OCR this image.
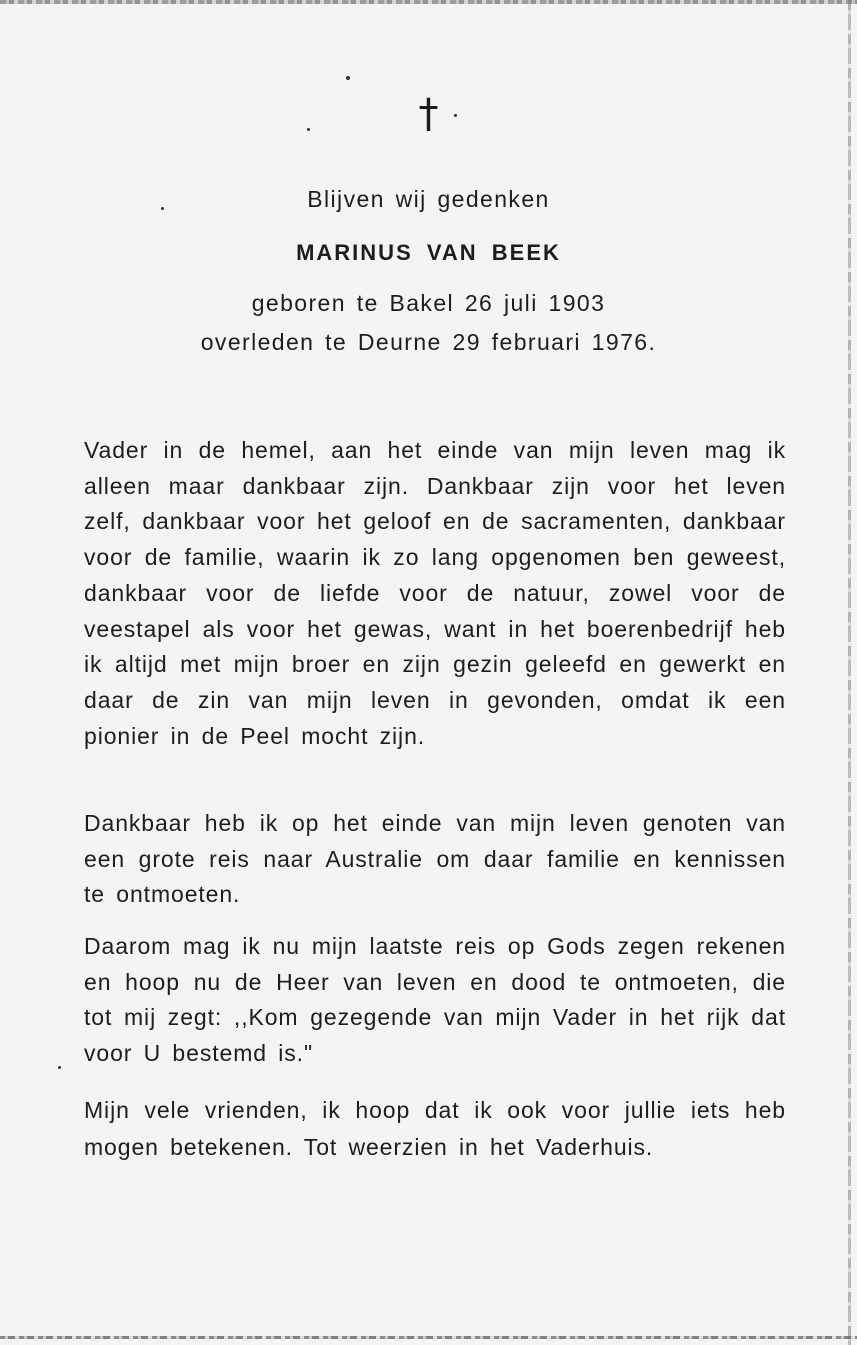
†
Blijven wij gedenken
MARINUS VAN BEEK
geboren te Bakel 26 juli 1903
overleden te Deurne 29 februari 1976.

Vader in de hemel, aan het einde van mijn leven mag ik alleen maar dankbaar zijn. Dankbaar zijn voor het leven zelf, dankbaar voor het geloof en de sacramenten, dankbaar voor de familie, waarin ik zo lang opgenomen ben geweest, dankbaar voor de liefde voor de natuur, zowel voor de veestapel als voor het gewas, want in het boerenbedrijf heb ik altijd met mijn broer en zijn gezin geleefd en gewerkt en daar de zin van mijn leven in gevonden, omdat ik een pionier in de Peel mocht zijn.

Dankbaar heb ik op het einde van mijn leven genoten van een grote reis naar Australie om daar familie en kennissen te ontmoeten.

Daarom mag ik nu mijn laatste reis op Gods zegen rekenen en hoop nu de Heer van leven en dood te ontmoeten, die tot mij zegt: ,,Kom gezegende van mijn Vader in het rijk dat voor U bestemd is."

Mijn vele vrienden, ik hoop dat ik ook voor jullie iets heb mogen betekenen. Tot weerzien in het Vaderhuis.
